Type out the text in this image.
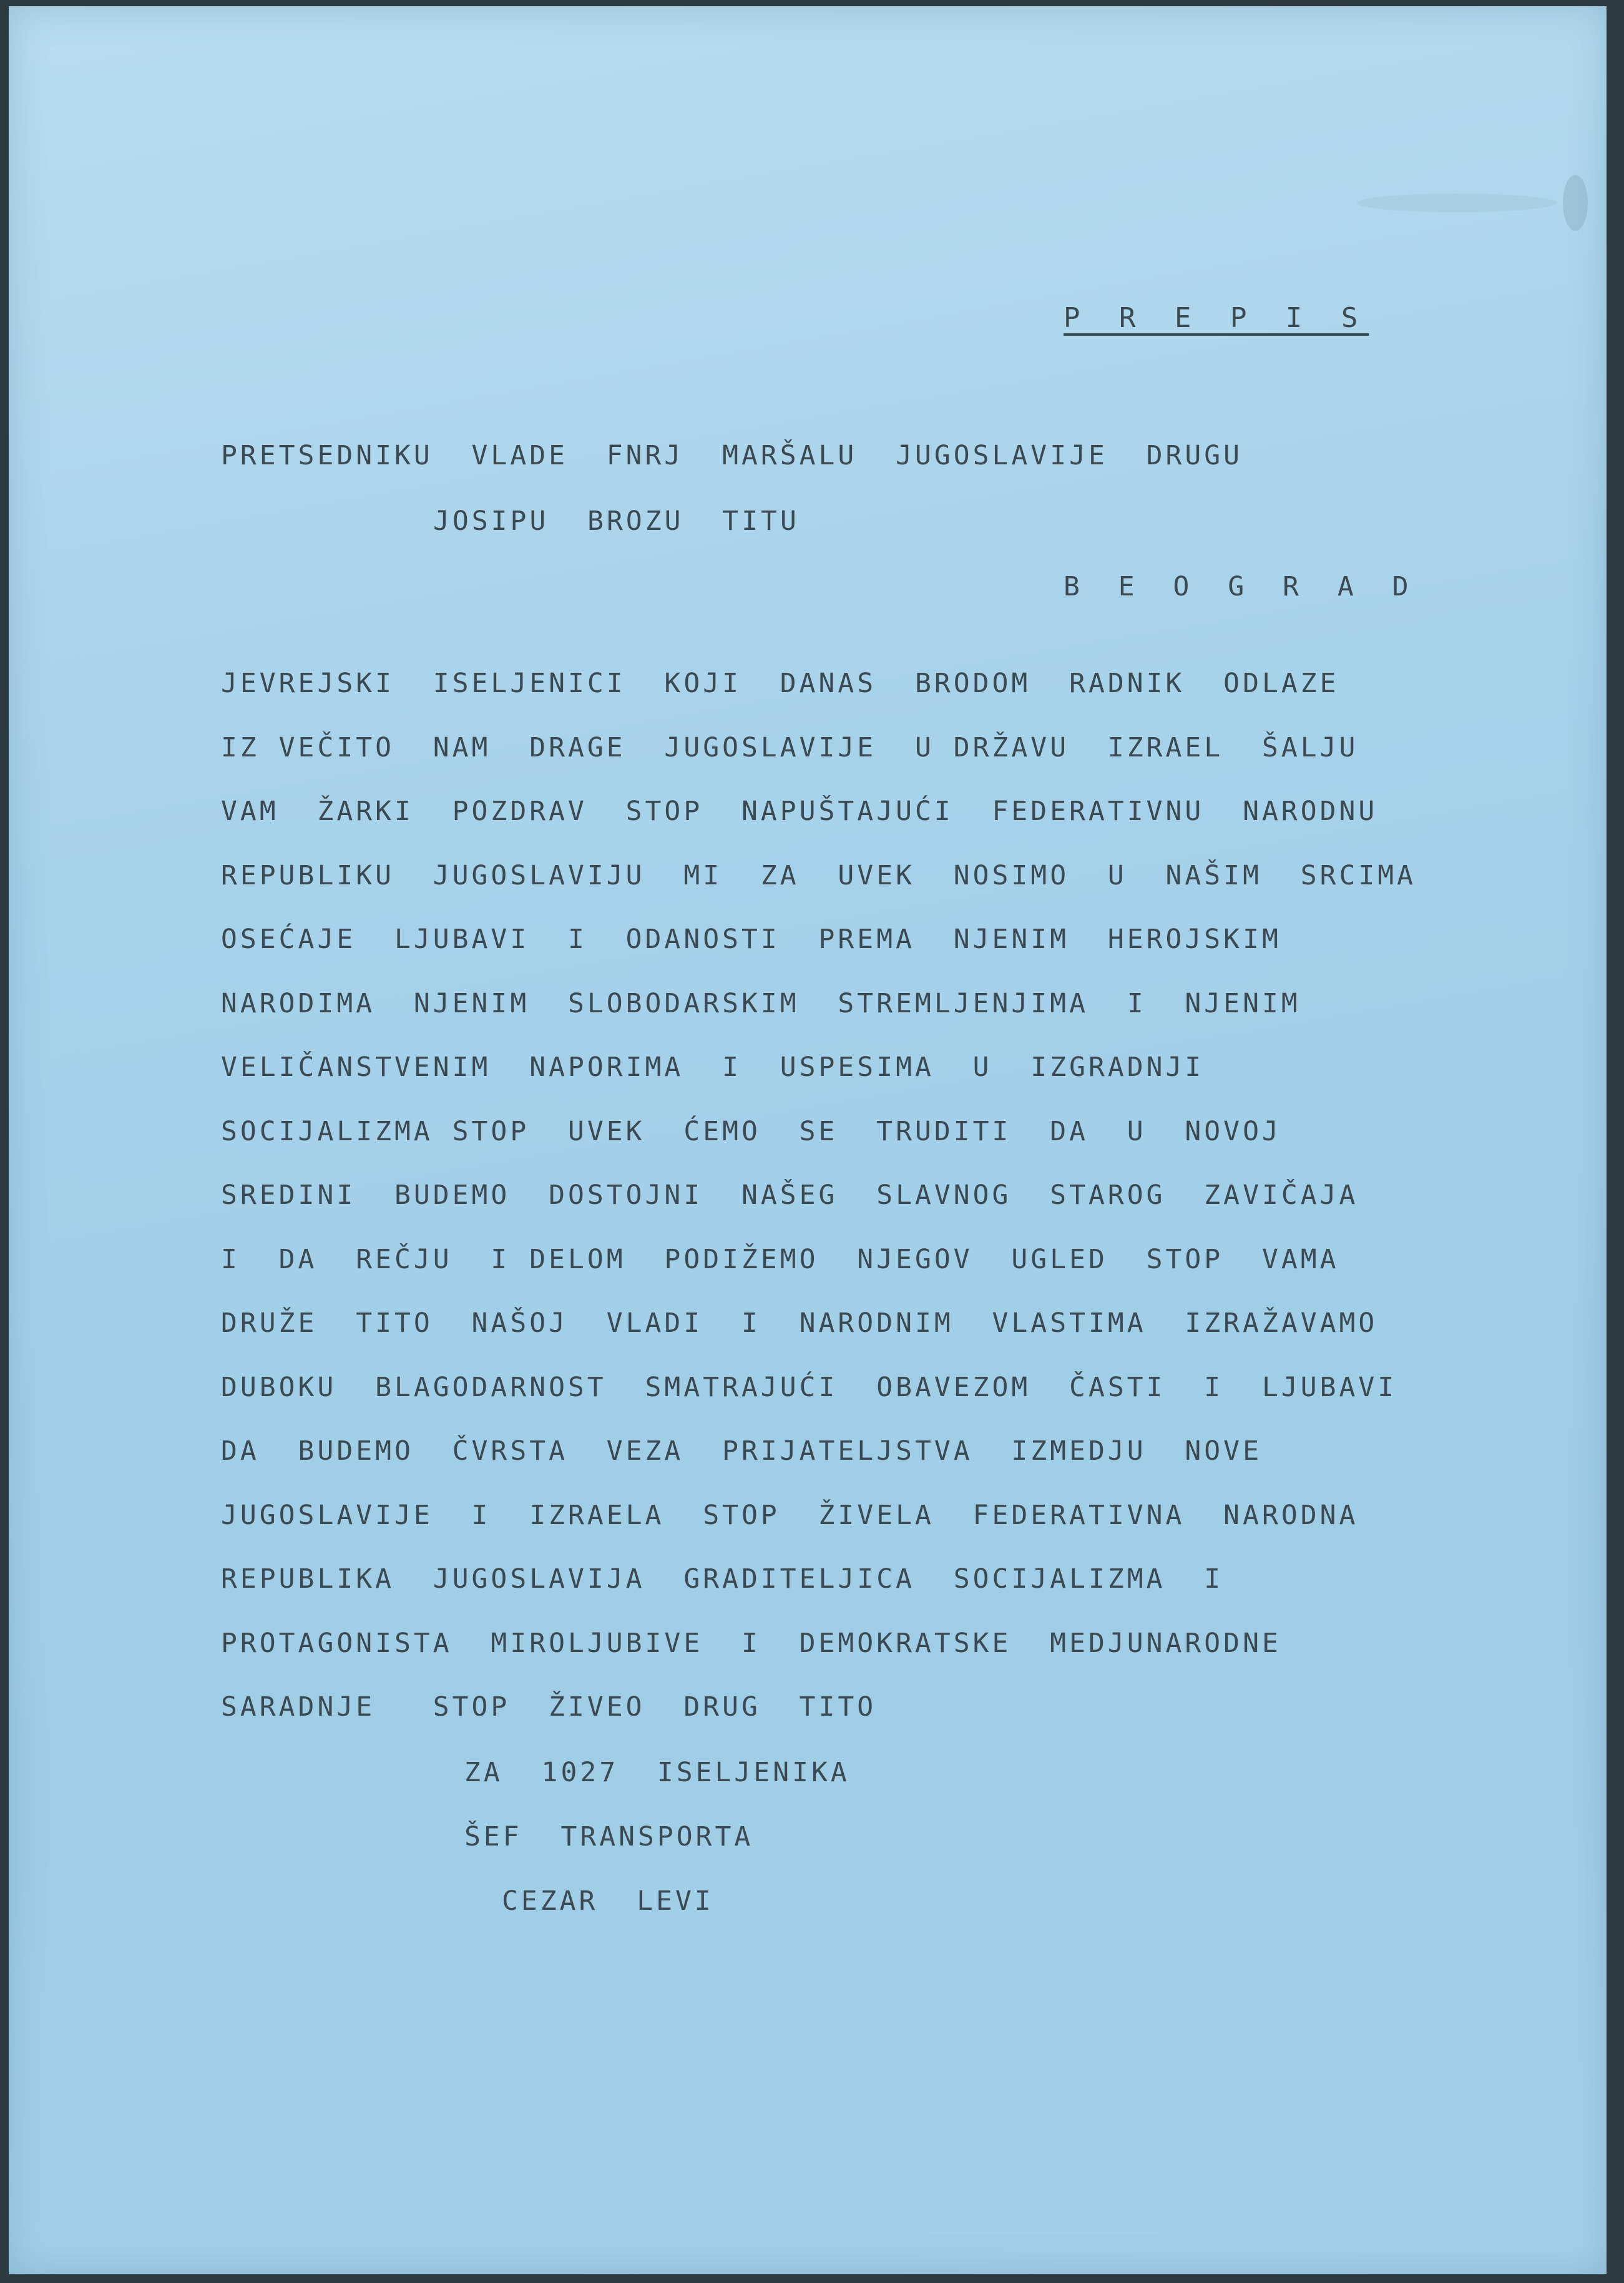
P R E P I S

PRETSEDNIKU  VLADE  FNRJ  MARŠALU  JUGOSLAVIJE  DRUGU

JOSIPU  BROZU  TITU

B E O G R A D

JEVREJSKI  ISELJENICI  KOJI  DANAS  BRODOM  RADNIK  ODLAZE

IZ VEČITO  NAM  DRAGE  JUGOSLAVIJE  U DRŽAVU  IZRAEL  ŠALJU

VAM  ŽARKI  POZDRAV  STOP  NAPUŠTAJUĆI  FEDERATIVNU  NARODNU

REPUBLIKU  JUGOSLAVIJU  MI  ZA  UVEK  NOSIMO  U  NAŠIM  SRCIMA

OSEĆAJE  LJUBAVI  I  ODANOSTI  PREMA  NJENIM  HEROJSKIM

NARODIMA  NJENIM  SLOBODARSKIM  STREMLJENJIMA  I  NJENIM

VELIČANSTVENIM  NAPORIMA  I  USPESIMA  U  IZGRADNJI

SOCIJALIZMA STOP  UVEK  ĆEMO  SE  TRUDITI  DA  U  NOVOJ

SREDINI  BUDEMO  DOSTOJNI  NAŠEG  SLAVNOG  STAROG  ZAVIČAJA

I  DA  REČJU  I DELOM  PODIŽEMO  NJEGOV  UGLED  STOP  VAMA

DRUŽE  TITO  NAŠOJ  VLADI  I  NARODNIM  VLASTIMA  IZRAŽAVAMO

DUBOKU  BLAGODARNOST  SMATRAJUĆI  OBAVEZOM  ČASTI  I  LJUBAVI

DA  BUDEMO  ČVRSTA  VEZA  PRIJATELJSTVA  IZMEDJU  NOVE

JUGOSLAVIJE  I  IZRAELA  STOP  ŽIVELA  FEDERATIVNA  NARODNA

REPUBLIKA  JUGOSLAVIJA  GRADITELJICA  SOCIJALIZMA  I

PROTAGONISTA  MIROLJUBIVE  I  DEMOKRATSKE  MEDJUNARODNE

SARADNJE   STOP  ŽIVEO  DRUG  TITO

ZA  1027  ISELJENIKA

ŠEF  TRANSPORTA

CEZAR  LEVI
